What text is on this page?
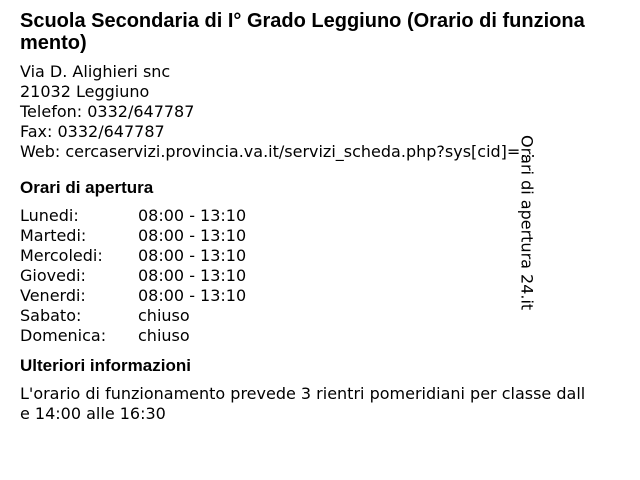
Scuola Secondaria di I° Grado Leggiuno (Orario di funzionamento)
Via D. Alighieri snc
21032 Leggiuno
Telefon: 0332/647787
Fax: 0332/647787
Web: cercaservizi.provincia.va.it/servizi_scheda.php?sys[cid]=...
Orari di apertura
Lunedi:	08:00 - 13:10
Martedi:	08:00 - 13:10
Mercoledi:	08:00 - 13:10
Giovedi:	08:00 - 13:10
Venerdi:	08:00 - 13:10
Sabato:	chiuso
Domenica:	chiuso
Ulteriori informazioni
L'orario di funzionamento prevede 3 rientri pomeridiani per classe dalle 14:00 alle 16:30
Orari di apertura 24.it
